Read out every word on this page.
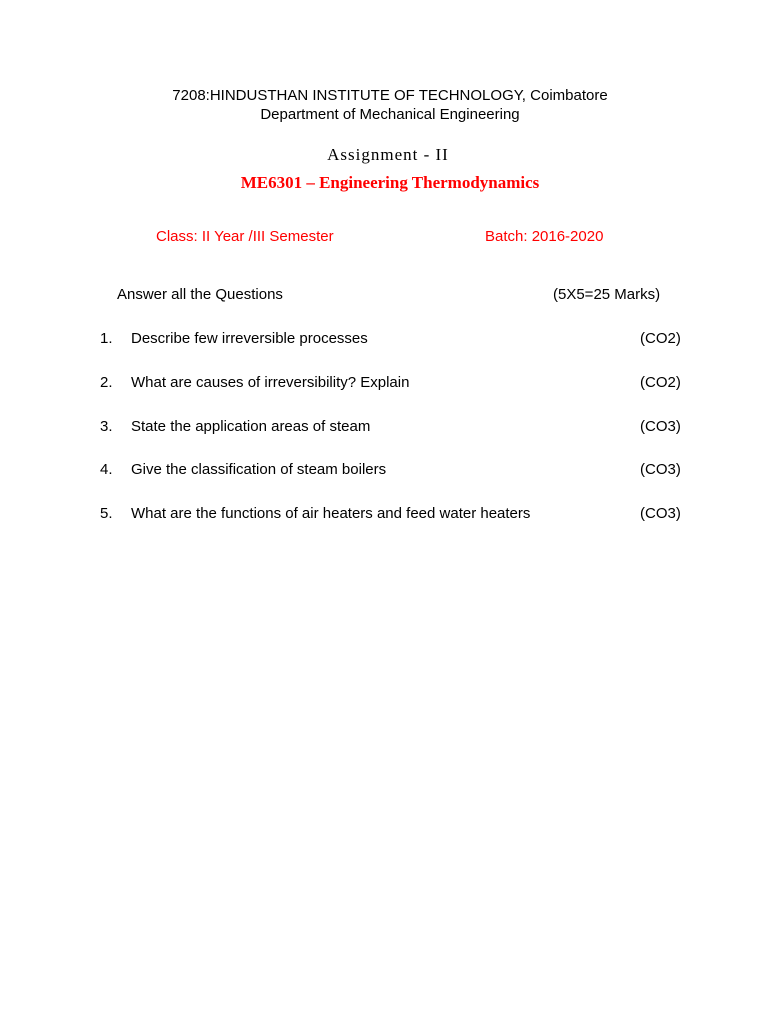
7208:HINDUSTHAN INSTITUTE OF TECHNOLOGY, Coimbatore
Department of Mechanical Engineering
Assignment - II
ME6301 – Engineering Thermodynamics
Class: II Year /III Semester	Batch: 2016-2020
Answer all the Questions	(5X5=25 Marks)
1. Describe few irreversible processes	(CO2)
2. What are causes of irreversibility? Explain	(CO2)
3. State the application areas of steam	(CO3)
4. Give the classification of steam boilers	(CO3)
5. What are the functions of air heaters and feed water heaters	(CO3)
